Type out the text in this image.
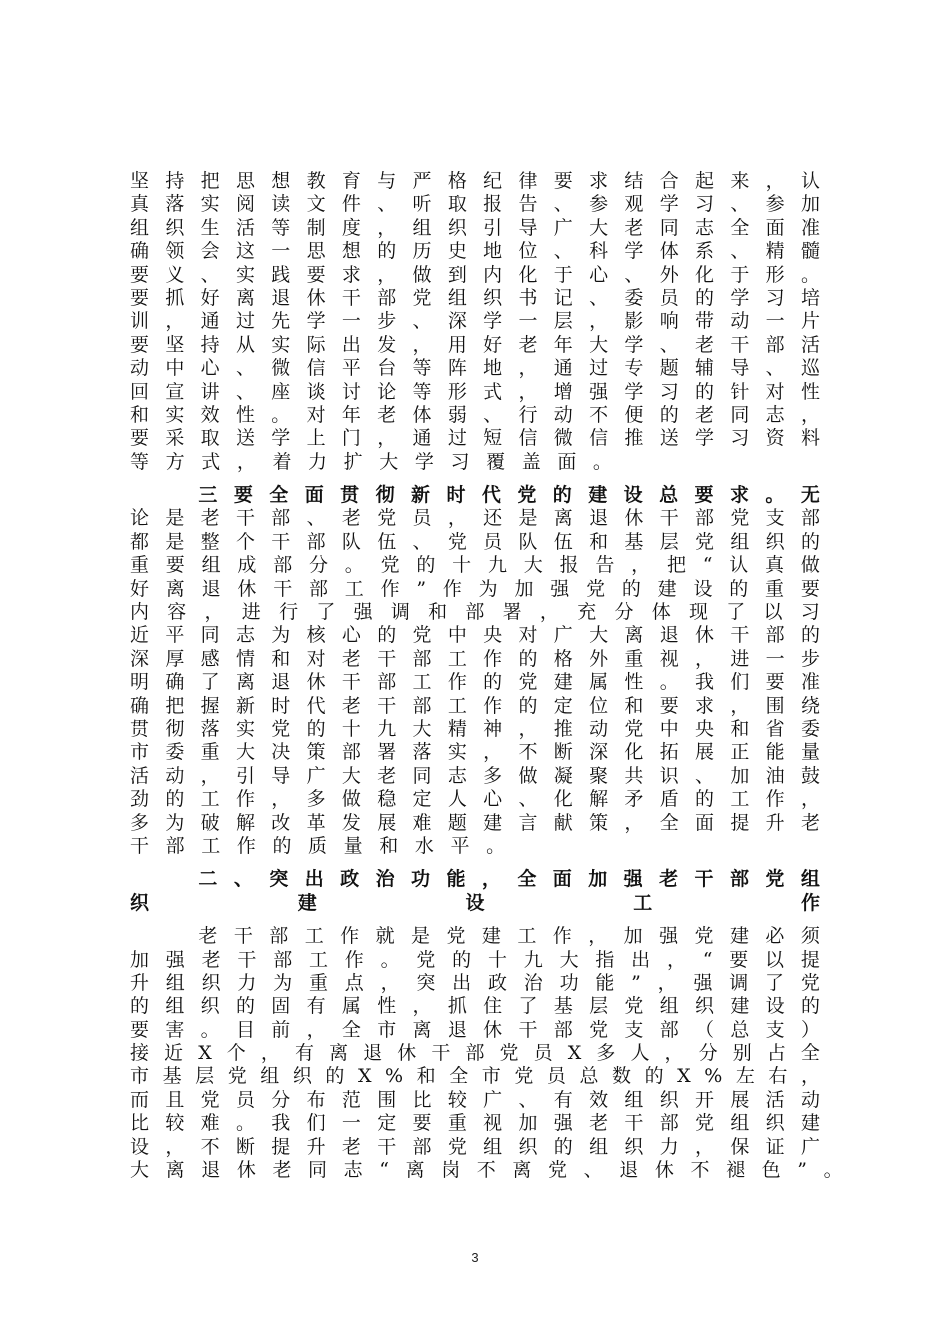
坚 持 把 思 想 教 育 与 严 格 纪 律 要 求 结 合 起 来 ， 认
真 落 实 阅 读 文 件 、 听 取 报 告 、 参 观 学 习 、 参 加
组 织 生 活 等 制 度 ， 组 织 引 导 广 大 老 同 志 全 面 准
确 领 会 这 一 思 想 的 历 史 地 位 、 科 学 体 系 、 精 髓
要 义 、 实 践 要 求 ， 做 到 内 化 于 心 、 外 化 于 形 。
要 抓 好 离 退 休 干 部 党 组 织 书 记 、 委 员 的 学 习 培
训 ， 通 过 先 学 一 步 、 深 学 一 层 ， 影 响 带 动 一 片
要 坚 持 从 实 际 出 发 ， 用 好 老 年 大 学 、 老 干 部 活
动 中 心 、 微 信 平 台 等 阵 地 ， 通 过 专 题 辅 导 、 巡
回 宣 讲 、 座 谈 讨 论 等 形 式 ， 增 强 学 习 的 针 对 性
和 实 效 性 。 对 年 老 体 弱 、 行 动 不 便 的 老 同 志 ，
要 采 取 送 学 上 门 ， 通 过 短 信 微 信 推 送 学 习 资 料
等 方 式 ， 着 力 扩 大 学 习 覆 盖 面 。

三 要 全 面 贯 彻 新 时 代 党 的 建 设 总 要 求 。 无
论 是 老 干 部 、 老 党 员 ， 还 是 离 退 休 干 部 党 支 部
都 是 整 个 干 部 队 伍 、 党 员 队 伍 和 基 层 党 组 织 的
重 要 组 成 部 分 。 党 的 十 九 大 报 告 ， 把 “ 认 真 做
好 离 退 休 干 部 工 作 ” 作 为 加 强 党 的 建 设 的 重 要
内 容 ， 进 行 了 强 调 和 部 署 ， 充 分 体 现 了 以 习
近 平 同 志 为 核 心 的 党 中 央 对 广 大 离 退 休 干 部 的
深 厚 感 情 和 对 老 干 部 工 作 的 格 外 重 视 ， 进 一 步
明 确 了 离 退 休 干 部 工 作 的 党 建 属 性 。 我 们 要 准
确 把 握 新 时 代 老 干 部 工 作 的 定 位 和 要 求 ， 围 绕
贯 彻 落 实 党 的 十 九 大 精 神 ， 推 动 党 中 央 和 省 委
市 委 重 大 决 策 部 署 落 实 ， 不 断 深 化 拓 展 正 能 量
活 动 ， 引 导 广 大 老 同 志 多 做 凝 聚 共 识 、 加 油 鼓
劲 的 工 作 ， 多 做 稳 定 人 心 、 化 解 矛 盾 的 工 作 ，
多 为 破 解 改 革 发 展 难 题 建 言 献 策 ， 全 面 提 升 老
干 部 工 作 的 质 量 和 水 平 。

二 、 突 出 政 治 功 能 ， 全 面 加 强 老 干 部 党 组
织	建	设	工	作

老 干 部 工 作 就 是 党 建 工 作 ， 加 强 党 建 必 须
加 强 老 干 部 工 作 。 党 的 十 九 大 指 出 ， “ 要 以 提
升 组 织 力 为 重 点 ， 突 出 政 治 功 能 ” ， 强 调 了 党
的 组 织 的 固 有 属 性 ， 抓 住 了 基 层 党 组 织 建 设 的
要 害 。 目 前 ， 全 市 离 退 休 干 部 党 支 部 （ 总 支 ）
接 近 X 个 ， 有 离 退 休 干 部 党 员 X 多 人 ， 分 别 占 全
市 基 层 党 组 织 的 X % 和 全 市 党 员 总 数 的 X % 左 右 ，
而 且 党 员 分 布 范 围 比 较 广 、 有 效 组 织 开 展 活 动
比 较 难 。 我 们 一 定 要 重 视 加 强 老 干 部 党 组 织 建
设 ， 不 断 提 升 老 干 部 党 组 织 的 组 织 力 ， 保 证 广
大 离 退 休 老 同 志 “ 离 岗 不 离 党 、 退 休 不 褪 色 ” 。
3
